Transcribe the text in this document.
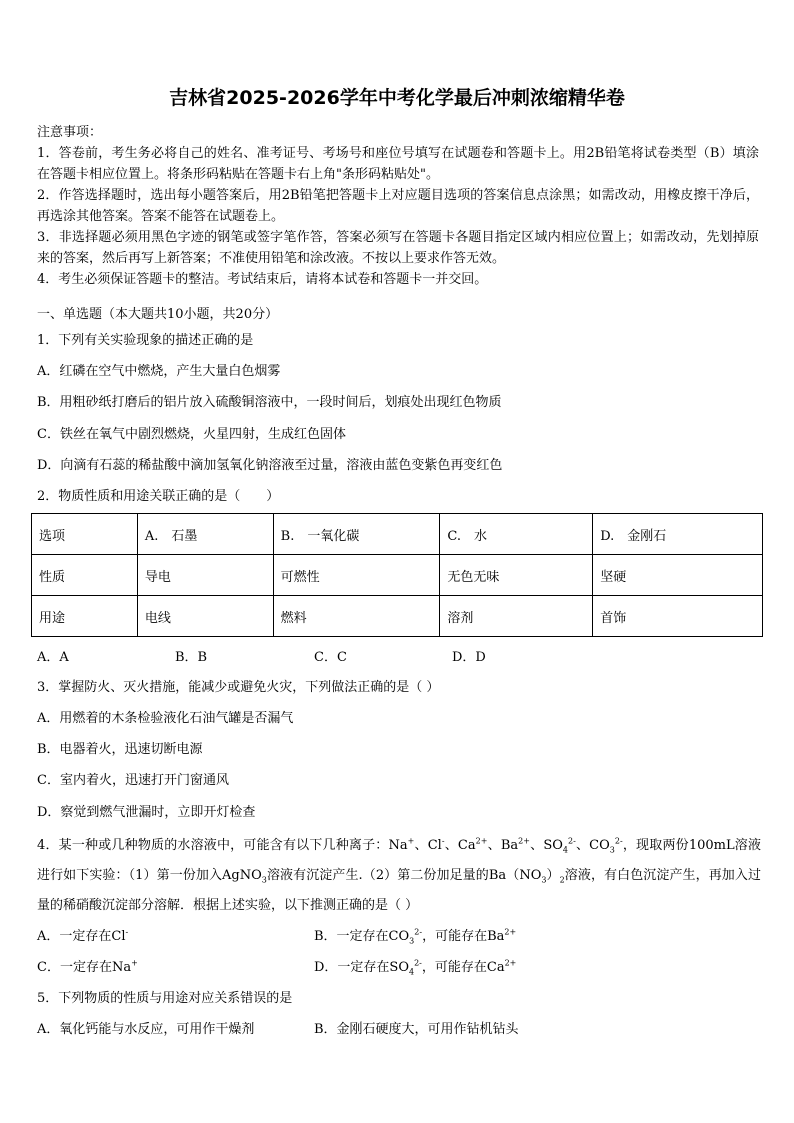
吉林省2025-2026学年中考化学最后冲刺浓缩精华卷

注意事项：

1．答卷前，考生务必将自己的姓名、准考证号、考场号和座位号填写在试题卷和答题卡上。用2B铅笔将试卷类型（B）填涂在答题卡相应位置上。将条形码粘贴在答题卡右上角"条形码粘贴处"。

2．作答选择题时，选出每小题答案后，用2B铅笔把答题卡上对应题目选项的答案信息点涂黑；如需改动，用橡皮擦干净后，再选涂其他答案。答案不能答在试题卷上。

3．非选择题必须用黑色字迹的钢笔或签字笔作答，答案必须写在答题卡各题目指定区域内相应位置上；如需改动，先划掉原来的答案，然后再写上新答案；不准使用铅笔和涂改液。不按以上要求作答无效。

4．考生必须保证答题卡的整洁。考试结束后，请将本试卷和答题卡一并交回。

一、单选题（本大题共10小题，共20分）
1．下列有关实验现象的描述正确的是
A．红磷在空气中燃烧，产生大量白色烟雾
B．用粗砂纸打磨后的铝片放入硫酸铜溶液中，一段时间后，划痕处出现红色物质
C．铁丝在氧气中剧烈燃烧，火星四射，生成红色固体
D．向滴有石蕊的稀盐酸中滴加氢氧化钠溶液至过量，溶液由蓝色变紫色再变红色
2．物质性质和用途关联正确的是（　　）
选项	A.　石墨	B.　一氧化碳	C.　水	D.　金刚石
性质	导电	可燃性	无色无味	坚硬
用途	电线	燃料	溶剂	首饰
A．A	B．B	C．C	D．D
3．掌握防火、灭火措施，能减少或避免火灾，下列做法正确的是（ ）
A．用燃着的木条检验液化石油气罐是否漏气
B．电器着火，迅速切断电源
C．室内着火，迅速打开门窗通风
D．察觉到燃气泄漏时，立即开灯检查
4．某一种或几种物质的水溶液中，可能含有以下几种离子：Na+、Cl-、$Ca^{2+}$、$Ba^{2+}$、$SO_4^{2-}$、$CO_3^{2-}$，现取两份100mL溶液进行如下实验：（1）第一份加入AgNO$_3$溶液有沉淀产生.（2）第二份加足量的$Ba(NO_3)_2$溶液，有白色沉淀产生，再加入过量的稀硝酸沉淀部分溶解．根据上述实验，以下推测正确的是（ ）
A．一定存在Cl-	B．一定存在$CO_3^{2-}$，可能存在$Ba^{2+}$
C．一定存在Na+	D．一定存在$SO_4^{2-}$，可能存在$Ca^{2+}$
5．下列物质的性质与用途对应关系错误的是
A．氧化钙能与水反应，可用作干燥剂	B．金刚石硬度大，可用作钻机钻头
